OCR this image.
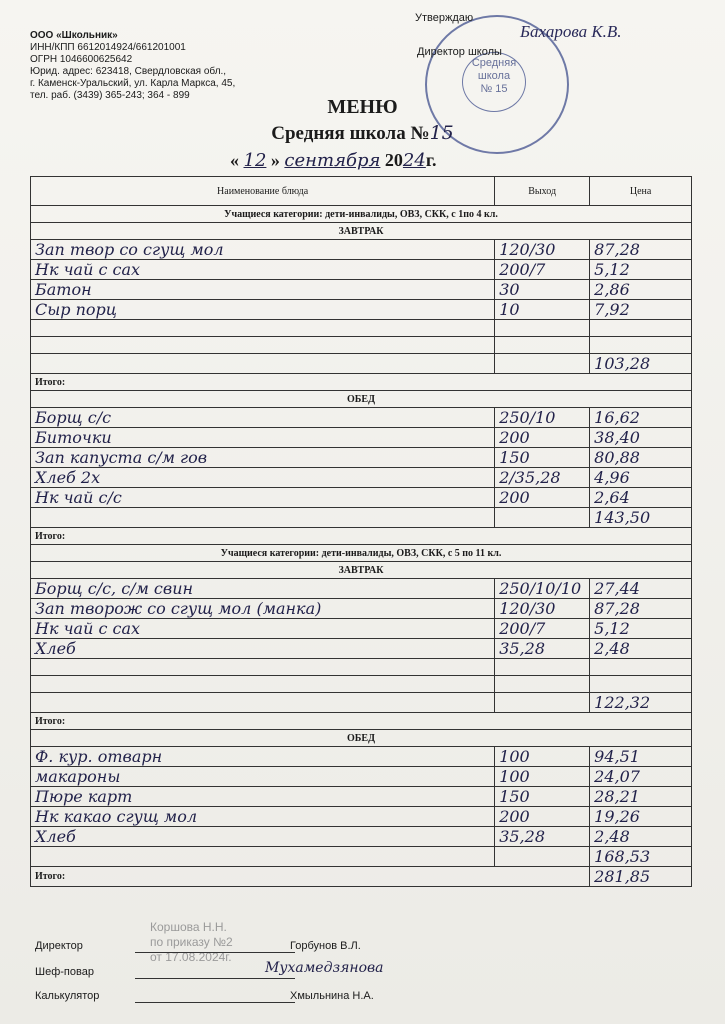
ООО «Школьник»
ИНН/КПП 6612014924/661201001
ОГРН 1046600625642
Юрид. адрес: 623418, Свердловская обл.,
г. Каменск-Уральский, ул. Карла Маркса, 45,
тел. раб. (3439) 365-243; 364 - 899
Средняя
школа
№ 15
Утверждаю
Директор школы
Бахарова К.В.
МЕНЮ
Средняя школа №15
« 12 » сентября 2024г.
Наименование блюда	Выход	Цена
Учащиеся категории: дети-инвалиды, ОВЗ, СКК, с 1по 4 кл.		
ЗАВТРАК		
Зап твор со сгущ мол	120/30	87,28
Нк чай с сах	200/7	5,12
Батон	30	2,86
Сыр порц	10	7,92

		103,28
Итого:		
ОБЕД		
Борщ с/с	250/10	16,62
Биточки	200	38,40
Зап капуста с/м гов	150	80,88
Хлеб 2х	2/35,28	4,96
Нк чай с/с	200	2,64
		143,50
Итого:		
Учащиеся категории: дети-инвалиды, ОВЗ, СКК, с 5 по 11 кл.		
ЗАВТРАК		
Борщ с/с, с/м свин	250/10/10	27,44
Зап творож со сгущ мол (манка)	120/30	87,28
Нк чай с сах	200/7	5,12
Хлеб	35,28	2,48

		122,32
Итого:		
ОБЕД		
Ф. кур. отварн	100	94,51
макароны	100	24,07
Пюре карт	150	28,21
Нк какао сгущ мол	200	19,26
Хлеб	35,28	2,48
		168,53
Итого:		281,85
Коршова Н.Н.
по приказу №2
от 17.08.2024г.
Директор	Горбунов В.Л.
Шеф-повар	Мухамедзянова
Калькулятор	Хмыльнина Н.А.
